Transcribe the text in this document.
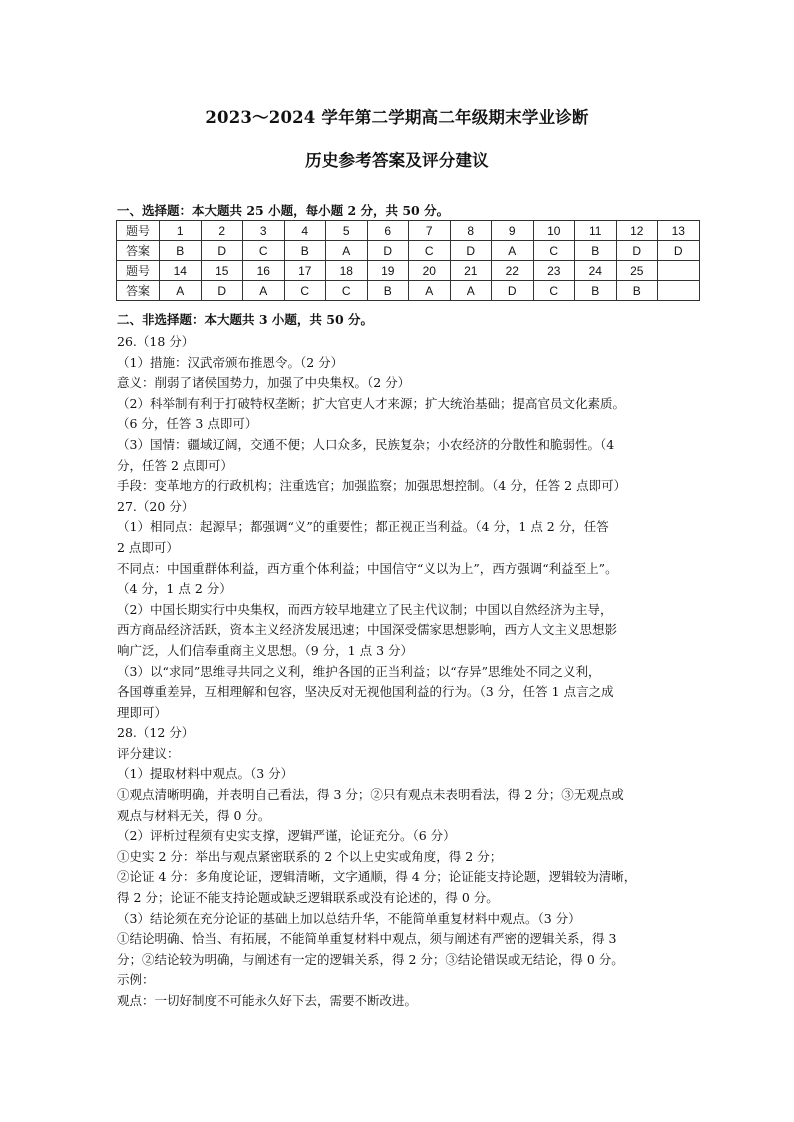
2023～2024 学年第二学期高二年级期末学业诊断
历史参考答案及评分建议
一、选择题：本大题共 25 小题，每小题 2 分，共 50 分。
题号	1	2	3	4	5	6	7	8	9	10	11	12	13
答案	B	D	C	B	A	D	C	D	A	C	B	D	D
题号	14	15	16	17	18	19	20	21	22	23	24	25	
答案	A	D	A	C	C	B	A	A	D	C	B	B	
二、非选择题：本大题共 3 小题，共 50 分。

26.（18 分）

（1）措施：汉武帝颁布推恩令。（2 分）

意义：削弱了诸侯国势力，加强了中央集权。（2 分）

（2）科举制有利于打破特权垄断；扩大官吏人才来源；扩大统治基础；提高官员文化素质。

（6 分，任答 3 点即可）

（3）国情：疆域辽阔，交通不便；人口众多，民族复杂；小农经济的分散性和脆弱性。（4

分，任答 2 点即可）

手段：变革地方的行政机构；注重选官；加强监察；加强思想控制。（4 分，任答 2 点即可）

27.（20 分）

（1）相同点：起源早；都强调“义”的重要性；都正视正当利益。（4 分，1 点 2 分，任答

2 点即可）

不同点：中国重群体利益，西方重个体利益；中国信守“义以为上”，西方强调“利益至上”。

（4 分，1 点 2 分）

（2）中国长期实行中央集权，而西方较早地建立了民主代议制；中国以自然经济为主导，

西方商品经济活跃，资本主义经济发展迅速；中国深受儒家思想影响，西方人文主义思想影

响广泛，人们信奉重商主义思想。（9 分，1 点 3 分）

（3）以“求同”思维寻共同之义利，维护各国的正当利益；以“存异”思维处不同之义利，

各国尊重差异，互相理解和包容，坚决反对无视他国利益的行为。（3 分，任答 1 点言之成

理即可）

28.（12 分）

评分建议：

（1）提取材料中观点。（3 分）

①观点清晰明确，并表明自己看法，得 3 分；②只有观点未表明看法，得 2 分；③无观点或

观点与材料无关，得 0 分。

（2）评析过程须有史实支撑，逻辑严谨，论证充分。（6 分）

①史实 2 分：举出与观点紧密联系的 2 个以上史实或角度，得 2 分；

②论证 4 分：多角度论证，逻辑清晰，文字通顺，得 4 分；论证能支持论题，逻辑较为清晰，

得 2 分；论证不能支持论题或缺乏逻辑联系或没有论述的，得 0 分。

（3）结论须在充分论证的基础上加以总结升华，不能简单重复材料中观点。（3 分）

①结论明确、恰当、有拓展，不能简单重复材料中观点，须与阐述有严密的逻辑关系，得 3

分；②结论较为明确，与阐述有一定的逻辑关系，得 2 分；③结论错误或无结论，得 0 分。

示例：

观点：一切好制度不可能永久好下去，需要不断改进。
